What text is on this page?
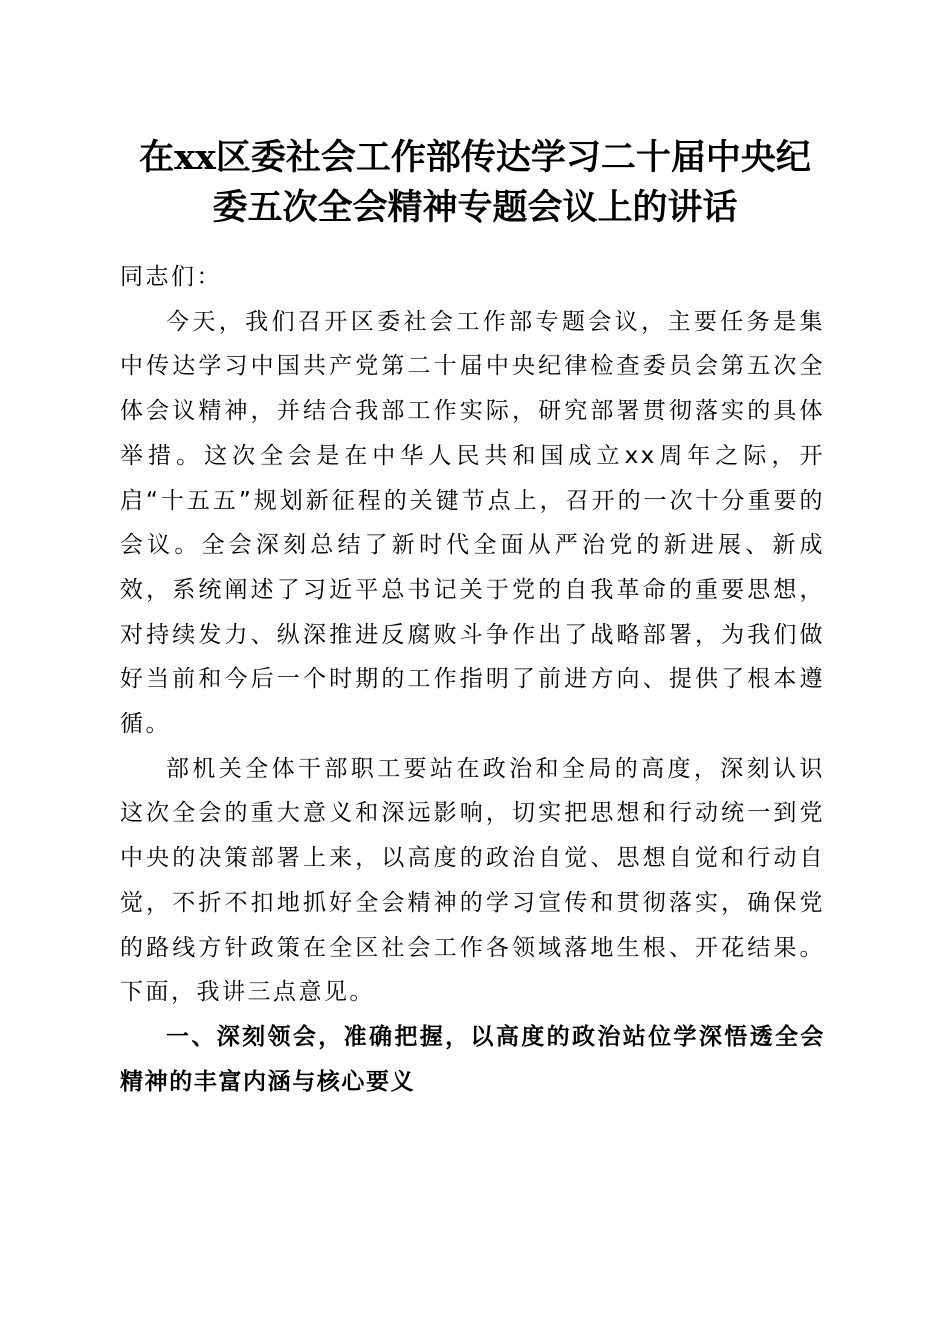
在xx区委社会工作部传达学习二十届中央纪
委五次全会精神专题会议上的讲话

同志们：

今天，我们召开区委社会工作部专题会议，主要任务是集中传达学习中国共产党第二十届中央纪律检查委员会第五次全体会议精神，并结合我部工作实际，研究部署贯彻落实的具体举措。这次全会是在中华人民共和国成立xx周年之际，开启“十五五”规划新征程的关键节点上，召开的一次十分重要的会议。全会深刻总结了新时代全面从严治党的新进展、新成效，系统阐述了习近平总书记关于党的自我革命的重要思想，对持续发力、纵深推进反腐败斗争作出了战略部署，为我们做好当前和今后一个时期的工作指明了前进方向、提供了根本遵循。

部机关全体干部职工要站在政治和全局的高度，深刻认识这次全会的重大意义和深远影响，切实把思想和行动统一到党中央的决策部署上来，以高度的政治自觉、思想自觉和行动自觉，不折不扣地抓好全会精神的学习宣传和贯彻落实，确保党的路线方针政策在全区社会工作各领域落地生根、开花结果。下面，我讲三点意见。

一、深刻领会，准确把握，以高度的政治站位学深悟透全会精神的丰富内涵与核心要义
